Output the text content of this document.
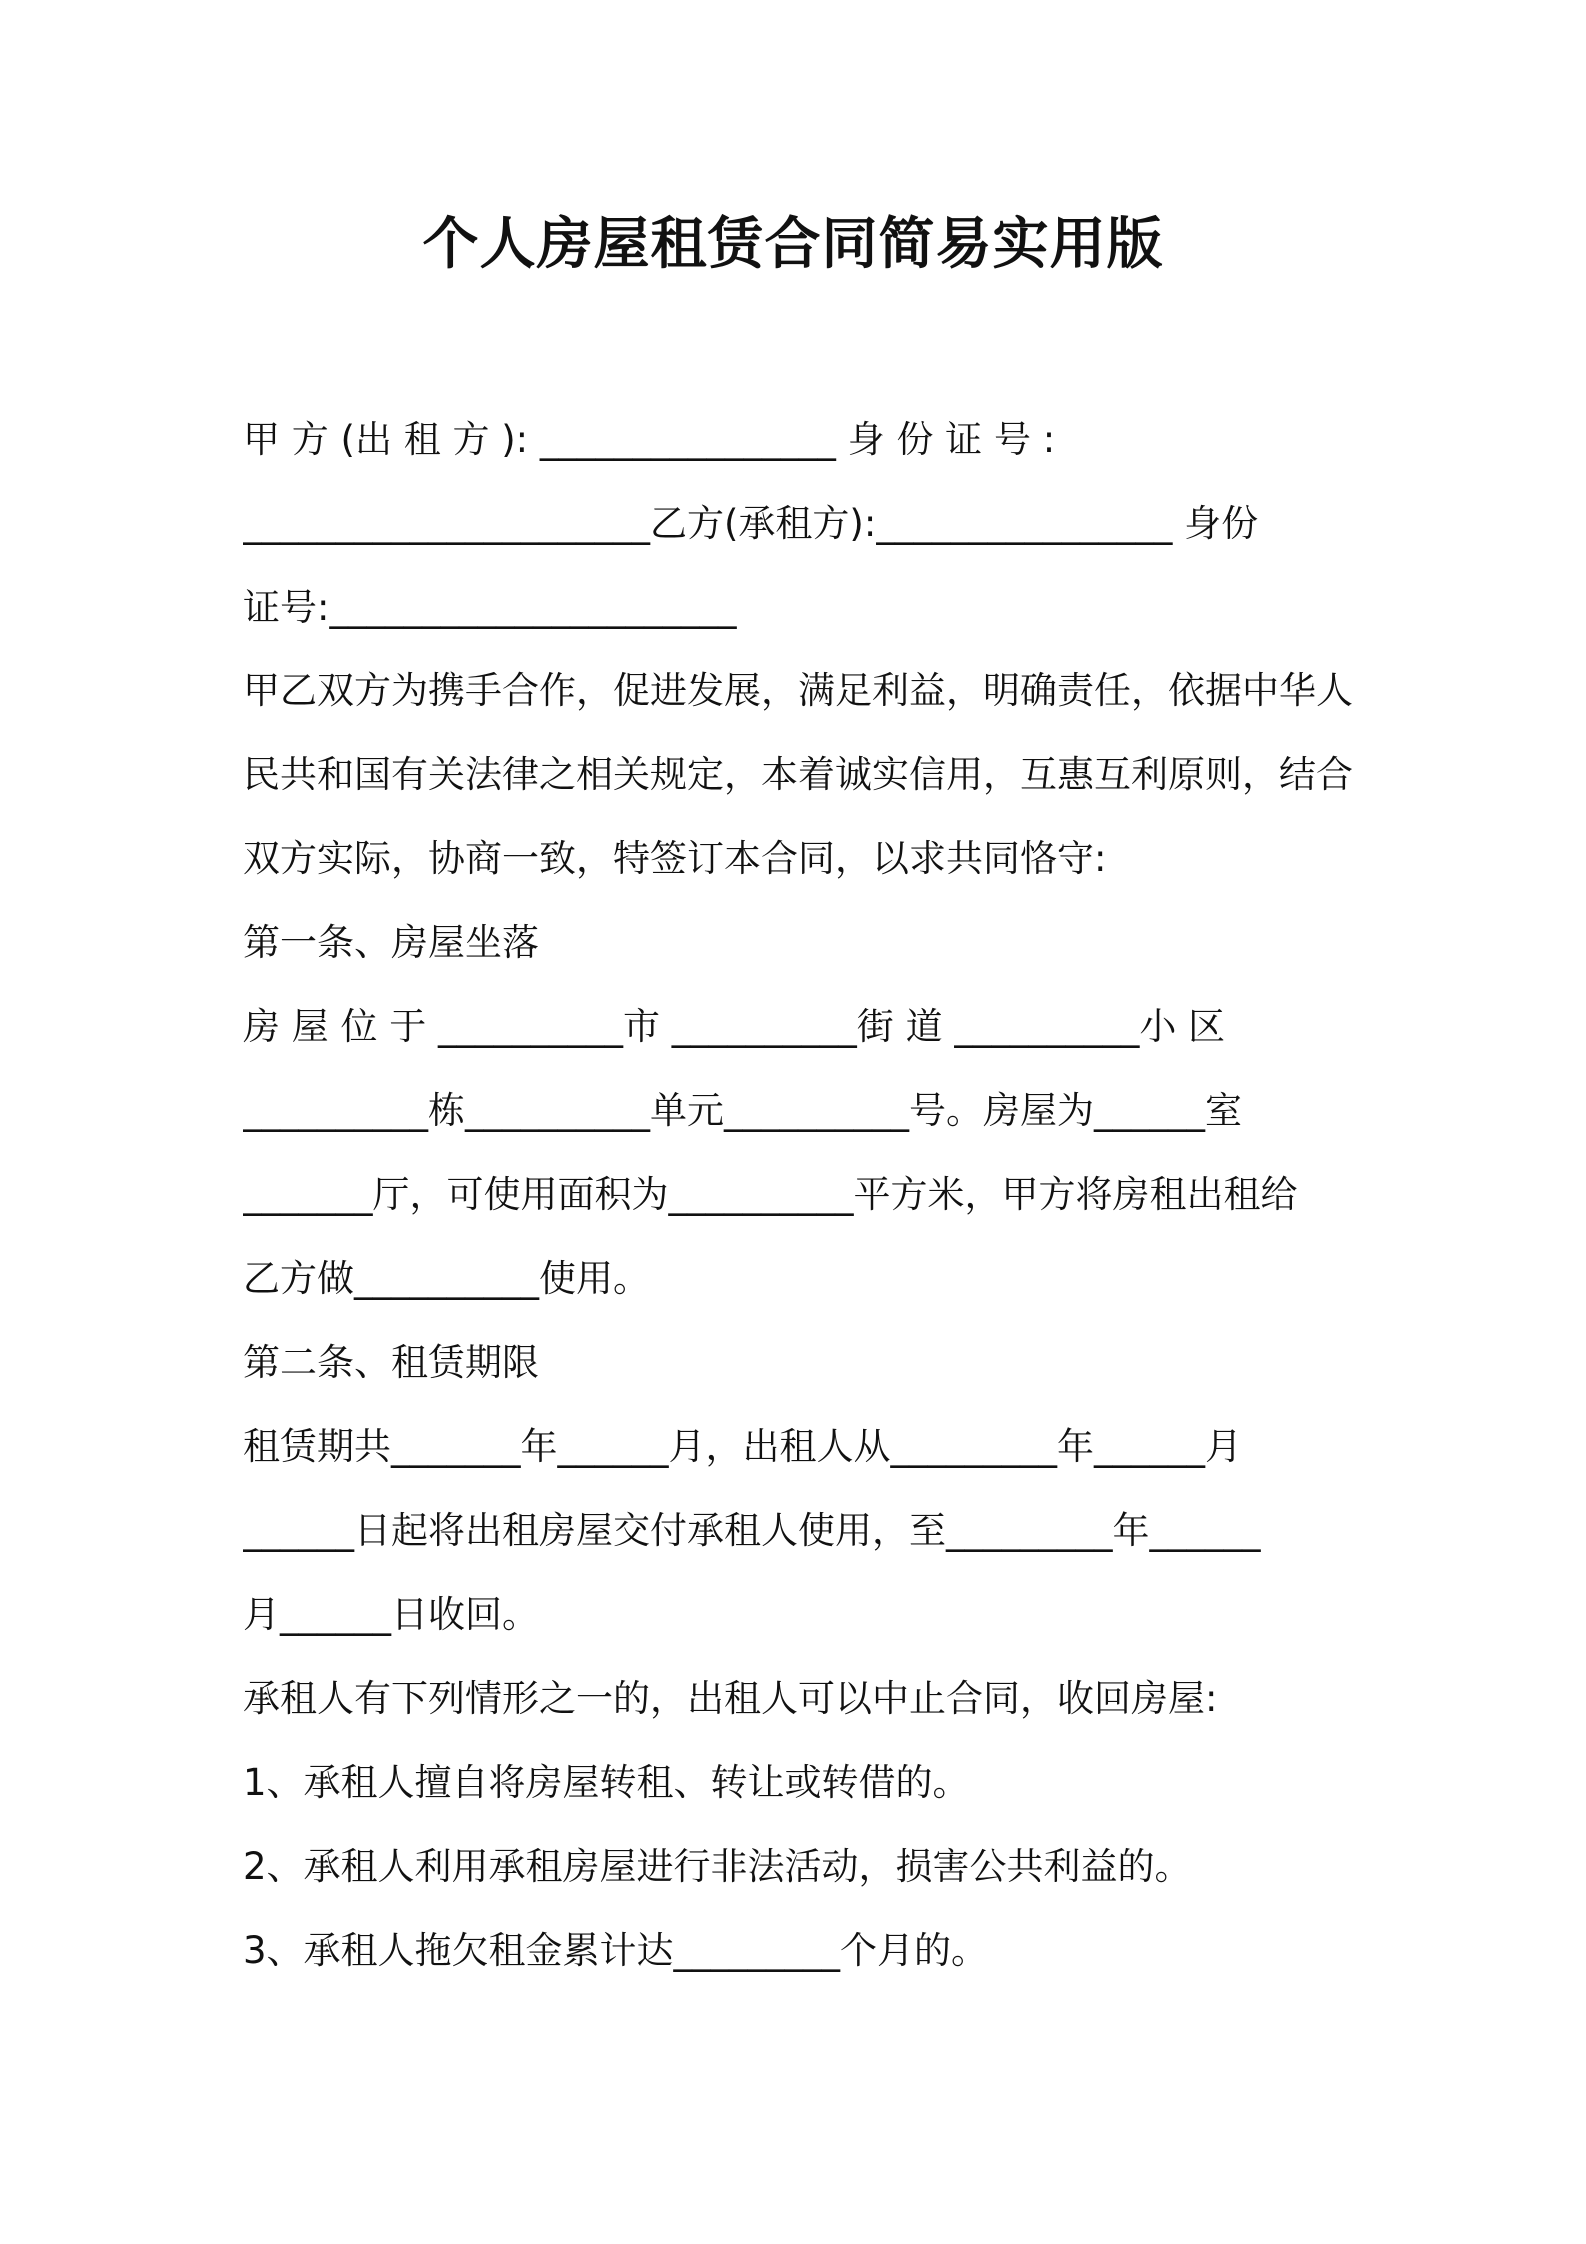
个人房屋租赁合同简易实用版

甲 方 (出 租 方 ): ________________ 身 份 证 号 :

______________________乙方(承租方):________________ 身份

证号:______________________

甲乙双方为携手合作，促进发展，满足利益，明确责任，依据中华人

民共和国有关法律之相关规定，本着诚实信用，互惠互利原则，结合

双方实际，协商一致，特签订本合同，以求共同恪守:

第一条、房屋坐落

房 屋 位 于 __________市 __________街 道 __________小 区

__________栋__________单元__________号。房屋为______室

_______厅，可使用面积为__________平方米，甲方将房租出租给

乙方做__________使用。

第二条、租赁期限

租赁期共_______年______月，出租人从_________年______月

______日起将出租房屋交付承租人使用，至_________年______

月______日收回。

承租人有下列情形之一的，出租人可以中止合同，收回房屋:

1、承租人擅自将房屋转租、转让或转借的。

2、承租人利用承租房屋进行非法活动，损害公共利益的。

3、承租人拖欠租金累计达_________个月的。
